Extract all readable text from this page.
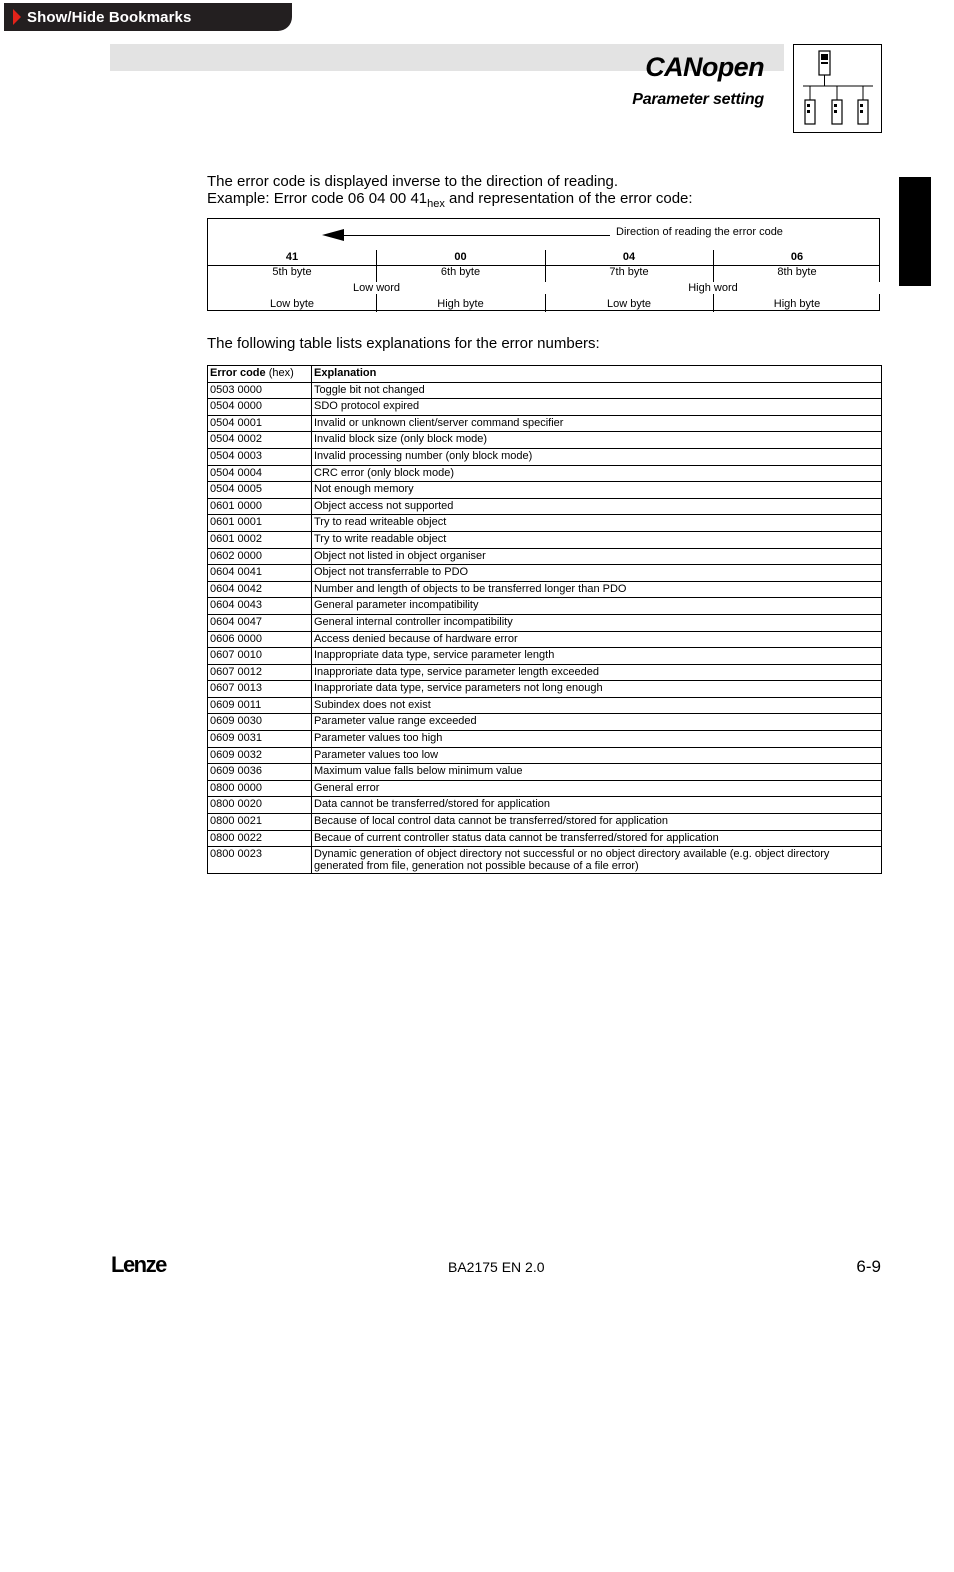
Show/Hide Bookmarks
CANopen
Parameter setting
The error code is displayed inverse to the direction of reading.
Example: Error code 06 04 00 $41_{hex}$ and representation of the error code:
Direction of reading the error code
41	00	04	06
5th byte	6th byte	7th byte	8th byte
Low word	High word
Low byte	High byte	Low byte	High byte
The following table lists explanations for the error numbers:
Error code (hex)	Explanation
0503 0000	Toggle bit not changed
0504 0000	SDO protocol expired
0504 0001	Invalid or unknown client/server command specifier
0504 0002	Invalid block size (only block mode)
0504 0003	Invalid processing number (only block mode)
0504 0004	CRC error (only block mode)
0504 0005	Not enough memory
0601 0000	Object access not supported
0601 0001	Try to read writeable object
0601 0002	Try to write readable object
0602 0000	Object not listed in object organiser
0604 0041	Object not transferrable to PDO
0604 0042	Number and length of objects to be transferred longer than PDO
0604 0043	General parameter incompatibility
0604 0047	General internal controller incompatibility
0606 0000	Access denied because of hardware error
0607 0010	Inappropriate data type, service parameter length
0607 0012	Inapproriate data type, service parameter length exceeded
0607 0013	Inapproriate data type, service parameters not long enough
0609 0011	Subindex does not exist
0609 0030	Parameter value range exceeded
0609 0031	Parameter values too high
0609 0032	Parameter values too low
0609 0036	Maximum value falls below minimum value
0800 0000	General error
0800 0020	Data cannot be transferred/stored for application
0800 0021	Because of local control data cannot be transferred/stored for application
0800 0022	Becaue of current controller status data cannot be transferred/stored for application
0800 0023	Dynamic generation of object directory not successful or no object directory available (e.g. object directory generated from file, generation not possible because of a file error)
Lenze	BA2175 EN 2.0	6-9
